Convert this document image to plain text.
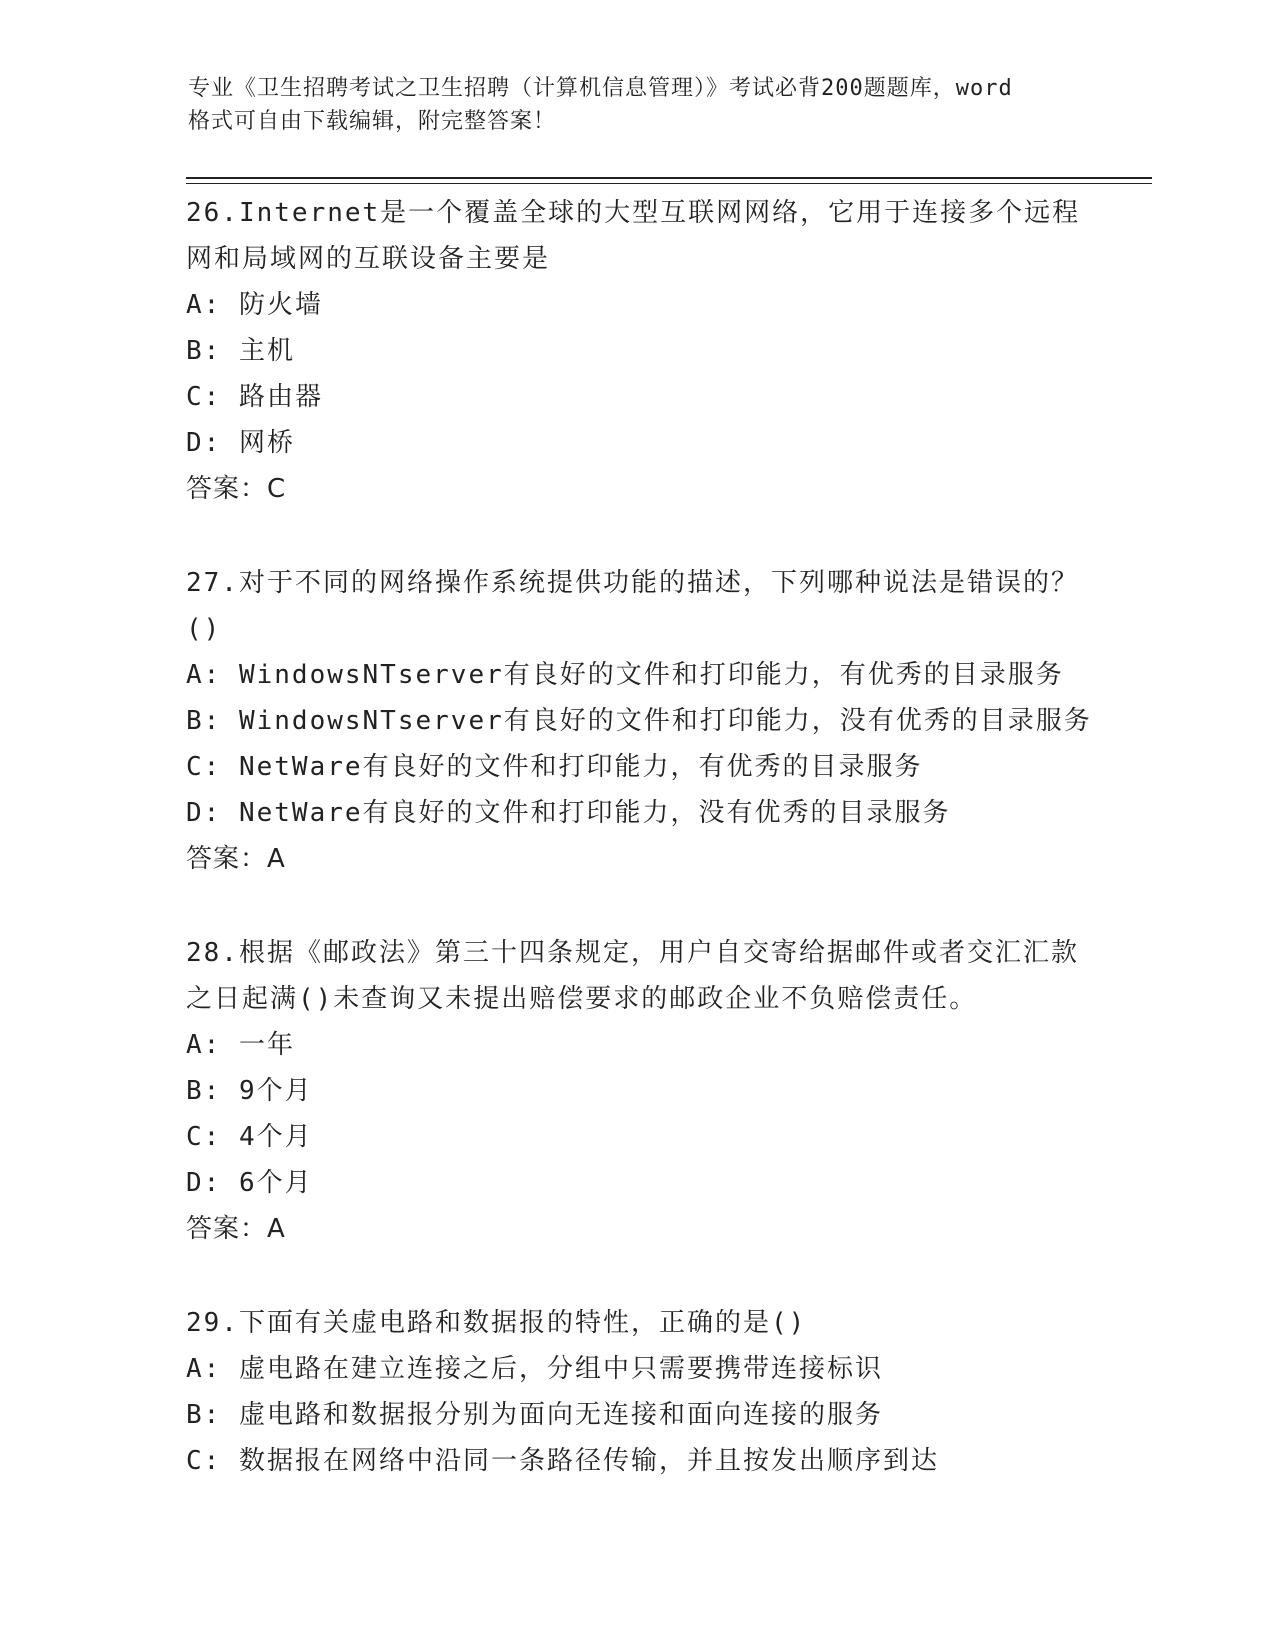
专业《卫生招聘考试之卫生招聘（计算机信息管理）》考试必背200题题库，word
格式可自由下载编辑，附完整答案！
26.Internet是一个覆盖全球的大型互联网网络，它用于连接多个远程网和局域网的互联设备主要是
A: 防火墙
B: 主机
C: 路由器
D: 网桥
答案：C
27.对于不同的网络操作系统提供功能的描述，下列哪种说法是错误的？()
A: WindowsNTserver有良好的文件和打印能力，有优秀的目录服务
B: WindowsNTserver有良好的文件和打印能力，没有优秀的目录服务
C: NetWare有良好的文件和打印能力，有优秀的目录服务
D: NetWare有良好的文件和打印能力，没有优秀的目录服务
答案：A
28.根据《邮政法》第三十四条规定，用户自交寄给据邮件或者交汇汇款之日起满()未查询又未提出赔偿要求的邮政企业不负赔偿责任。
A: 一年
B: 9个月
C: 4个月
D: 6个月
答案：A
29.下面有关虚电路和数据报的特性，正确的是()
A: 虚电路在建立连接之后，分组中只需要携带连接标识
B: 虚电路和数据报分别为面向无连接和面向连接的服务
C: 数据报在网络中沿同一条路径传输，并且按发出顺序到达
